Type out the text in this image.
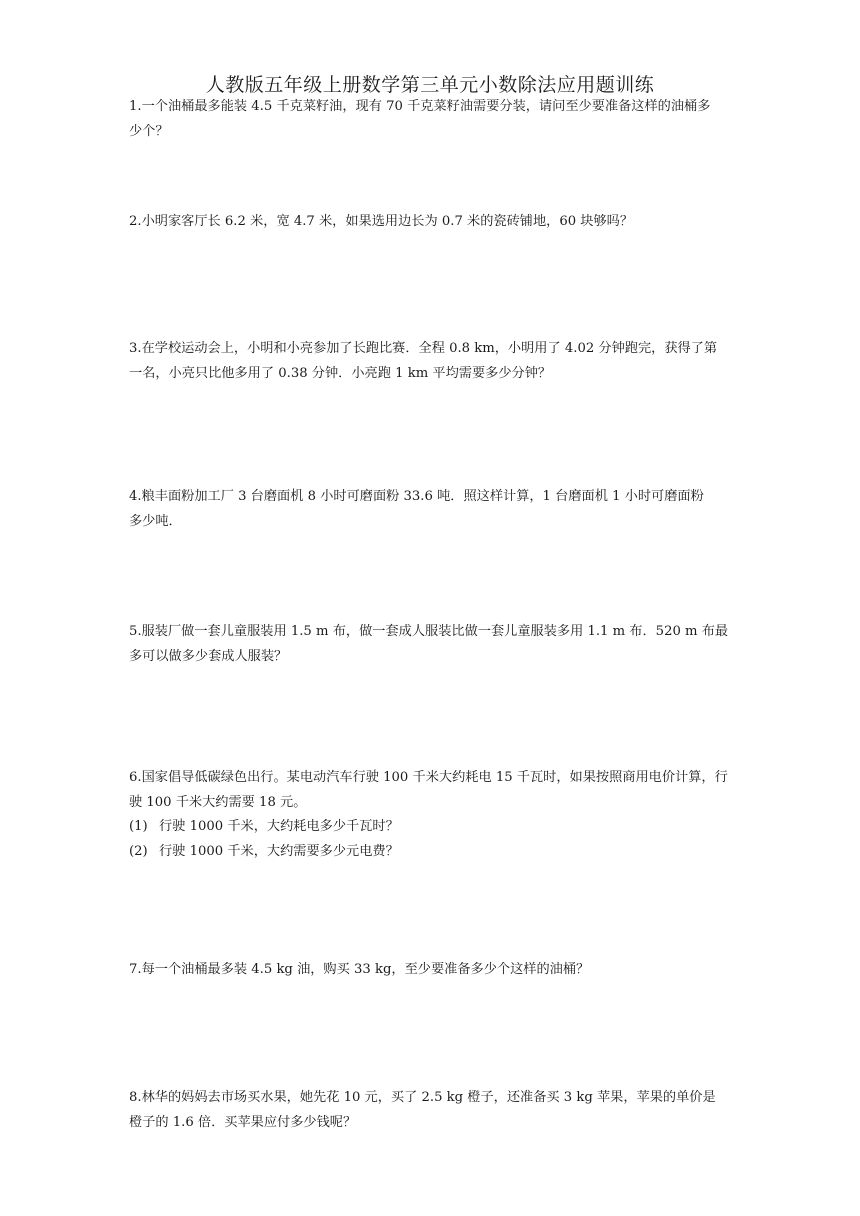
人教版五年级上册数学第三单元小数除法应用题训练
1.一个油桶最多能装 4.5 千克菜籽油，现有 70 千克菜籽油需要分装，请问至少要准备这样的油桶多
少个？
2.小明家客厅长 6.2 米，宽 4.7 米，如果选用边长为 0.7 米的瓷砖铺地，60 块够吗？
3.在学校运动会上，小明和小亮参加了长跑比赛．全程 0.8 km，小明用了 4.02 分钟跑完，获得了第
一名，小亮只比他多用了 0.38 分钟．小亮跑 1 km 平均需要多少分钟？
4.粮丰面粉加工厂 3 台磨面机 8 小时可磨面粉 33.6 吨．照这样计算，1 台磨面机 1 小时可磨面粉
多少吨．
5.服装厂做一套儿童服装用 1.5 m 布，做一套成人服装比做一套儿童服装多用 1.1 m 布．520 m 布最
多可以做多少套成人服装？
6.国家倡导低碳绿色出行。某电动汽车行驶 100 千米大约耗电 15 千瓦时，如果按照商用电价计算，行
驶 100 千米大约需要 18 元。
(1) 行驶 1000 千米，大约耗电多少千瓦时？
(2) 行驶 1000 千米，大约需要多少元电费？
7.每一个油桶最多装 4.5 kg 油，购买 33 kg，至少要准备多少个这样的油桶？
8.林华的妈妈去市场买水果，她先花 10 元，买了 2.5 kg 橙子，还准备买 3 kg 苹果，苹果的单价是
橙子的 1.6 倍．买苹果应付多少钱呢？
